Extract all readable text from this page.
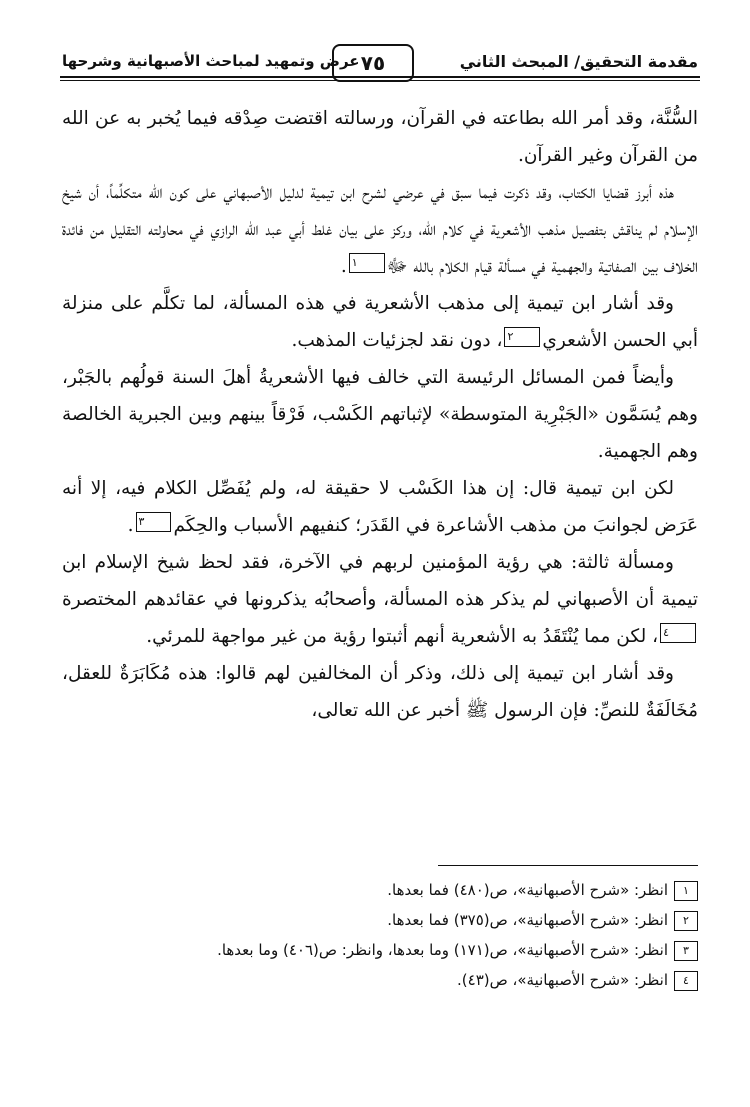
مقدمة التحقيق/ المبحث الثاني
٧٥
عرض وتمهيد لمباحث الأصبهانية وشرحها

السُّنَّة، وقد أمر الله بطاعته في القرآن، ورسالته اقتضت صِدْقه فيما يُخبر به عن الله من القرآن وغير القرآن.

هذه أبرز قضايا الكتاب، وقد ذكرت فيما سبق في عرضي لشرح ابن تيمية لدليل الأصبهاني على كون الله متكلِّماً، أن شيخ الإسلام لم يناقش بتفصيل مذهب الأشعرية في كلام الله، وركز على بيان غلط أبي عبد الله الرازي في محاولته التقليل من فائدة الخلاف بين الصفاتية والجهمية في مسألة قيام الكلام بالله ﷻ١.

وقد أشار ابن تيمية إلى مذهب الأشعرية في هذه المسألة، لما تكلَّم على منزلة أبي الحسن الأشعري٢، دون نقد لجزئيات المذهب.

وأيضاً فمن المسائل الرئيسة التي خالف فيها الأشعريةُ أهلَ السنة قولُهم بالجَبْر، وهم يُسَمَّون «الجَبْرِية المتوسطة» لإثباتهم الكَسْب، فَرْقاً بينهم وبين الجبرية الخالصة وهم الجهمية.

لكن ابن تيمية قال: إن هذا الكَسْب لا حقيقة له، ولم يُفَصِّل الكلام فيه، إلا أنه عَرَض لجوانبَ من مذهب الأشاعرة في القَدَر؛ كنفيهم الأسباب والحِكَم٣.

ومسألة ثالثة: هي رؤية المؤمنين لربهم في الآخرة، فقد لحظ شيخ الإسلام ابن تيمية أن الأصبهاني لم يذكر هذه المسألة، وأصحابُه يذكرونها في عقائدهم المختصرة٤، لكن مما يُنْتَقَدُ به الأشعرية أنهم أثبتوا رؤية من غير مواجهة للمرئي.

وقد أشار ابن تيمية إلى ذلك، وذكر أن المخالفين لهم قالوا: هذه مُكَابَرَةٌ للعقل، مُخَالَفَةٌ للنصِّ: فإن الرسول ﷺ أخبر عن الله تعالى،

١انظر: «شرح الأصبهانية»، ص(٤٨٠) فما بعدها.

٢انظر: «شرح الأصبهانية»، ص(٣٧٥) فما بعدها.

٣انظر: «شرح الأصبهانية»، ص(١٧١) وما بعدها، وانظر: ص(٤٠٦) وما بعدها.

٤انظر: «شرح الأصبهانية»، ص(٤٣).
